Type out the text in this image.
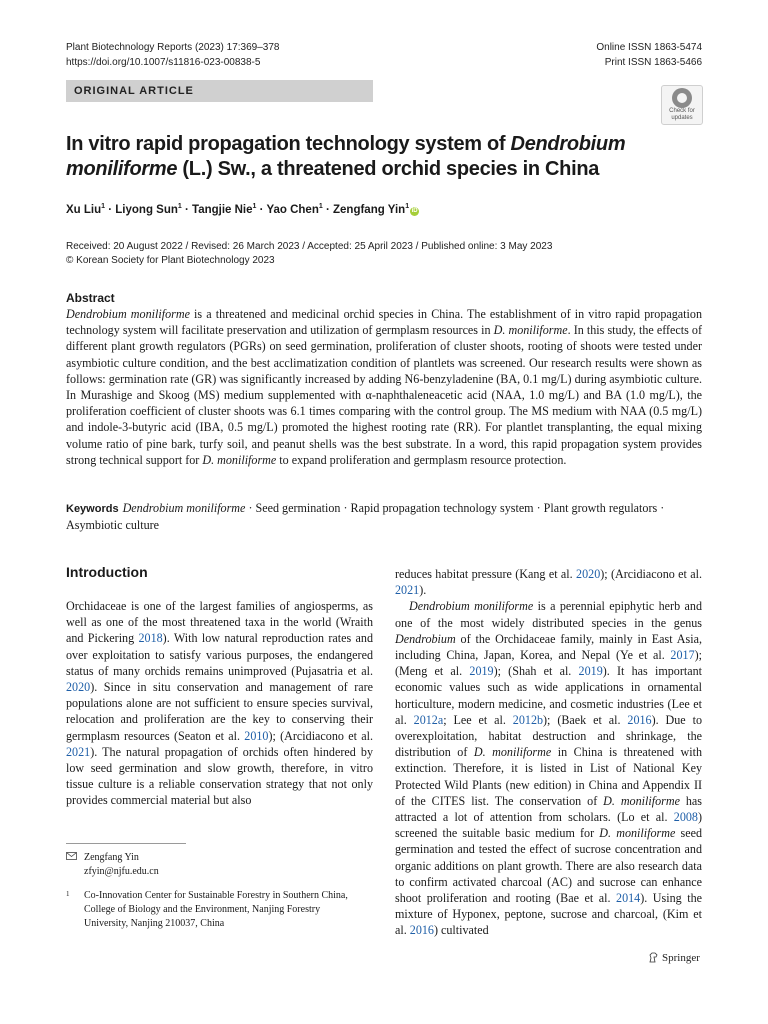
Plant Biotechnology Reports (2023) 17:369–378
https://doi.org/10.1007/s11816-023-00838-5
Online ISSN 1863-5474
Print ISSN 1863-5466
ORIGINAL ARTICLE
Check for
updates
In vitro rapid propagation technology system of Dendrobium
moniliforme (L.) Sw., a threatened orchid species in China
Xu Liu$^1$ · Liyong Sun$^1$ · Tangjie Nie$^1$ · Yao Chen$^1$ · Zengfang Yin$^1$iD
Received: 20 August 2022 / Revised: 26 March 2023 / Accepted: 25 April 2023 / Published online: 3 May 2023
© Korean Society for Plant Biotechnology 2023
Abstract
Dendrobium moniliforme is a threatened and medicinal orchid species in China. The establishment of in vitro rapid propagation technology system will facilitate preservation and utilization of germplasm resources in D. moniliforme. In this study, the effects of different plant growth regulators (PGRs) on seed germination, proliferation of cluster shoots, rooting of shoots were tested under asymbiotic culture condition, and the best acclimatization condition of plantlets was screened. Our research results were shown as follows: germination rate (GR) was significantly increased by adding N6-benzyladenine (BA, 0.1 mg/L) during asymbiotic culture. In Murashige and Skoog (MS) medium supplemented with α-naphthaleneacetic acid (NAA, 1.0 mg/L) and BA (1.0 mg/L), the proliferation coefficient of cluster shoots was 6.1 times comparing with the control group. The MS medium with NAA (0.5 mg/L) and indole-3-butyric acid (IBA, 0.5 mg/L) promoted the highest rooting rate (RR). For plantlet transplanting, the equal mixing volume ratio of pine bark, turfy soil, and peanut shells was the best substrate. In a word, this rapid propagation system provides strong technical support for D. moniliforme to expand proliferation and germplasm resource protection.
Keywords Dendrobium moniliforme · Seed germination · Rapid propagation technology system · Plant growth regulators · Asymbiotic culture
Introduction

Orchidaceae is one of the largest families of angiosperms, as well as one of the most threatened taxa in the world (Wraith and Pickering 2018). With low natural reproduction rates and over exploitation to satisfy various purposes, the endangered status of many orchids remains unimproved (Pujasatria et al. 2020). Since in situ conservation and management of rare populations alone are not sufficient to ensure species survival, relocation and proliferation are the key to conserving their germplasm resources (Seaton et al. 2010); (Arcidiacono et al. 2021). The natural propagation of orchids often hindered by low seed germination and slow growth, therefore, in vitro tissue culture is a reliable conservation strategy that not only provides commercial material but also

reduces habitat pressure (Kang et al. 2020); (Arcidiacono et al. 2021).

Dendrobium moniliforme is a perennial epiphytic herb and one of the most widely distributed species in the genus Dendrobium of the Orchidaceae family, mainly in East Asia, including China, Japan, Korea, and Nepal (Ye et al. 2017); (Meng et al. 2019); (Shah et al. 2019). It has important economic values such as wide applications in ornamental horticulture, modern medicine, and cosmetic industries (Lee et al. 2012a; Lee et al. 2012b); (Baek et al. 2016). Due to overexploitation, habitat destruction and shrinkage, the distribution of D. moniliforme in China is threatened with extinction. Therefore, it is listed in List of National Key Protected Wild Plants (new edition) in China and Appendix II of the CITES list. The conservation of D. moniliforme has attracted a lot of attention from scholars. (Lo et al. 2008) screened the suitable basic medium for D. moniliforme seed germination and tested the effect of sucrose concentration and organic additions on plant growth. There are also research data to confirm activated charcoal (AC) and sucrose can enhance shoot proliferation and rooting (Bae et al. 2014). Using the mixture of Hyponex, peptone, sucrose and charcoal, (Kim et al. 2016) cultivated

Zengfang Yin
zfyin@njfu.edu.cn
1 Co-Innovation Center for Sustainable Forestry in Southern China, College of Biology and the Environment, Nanjing Forestry University, Nanjing 210037, China
Springer
